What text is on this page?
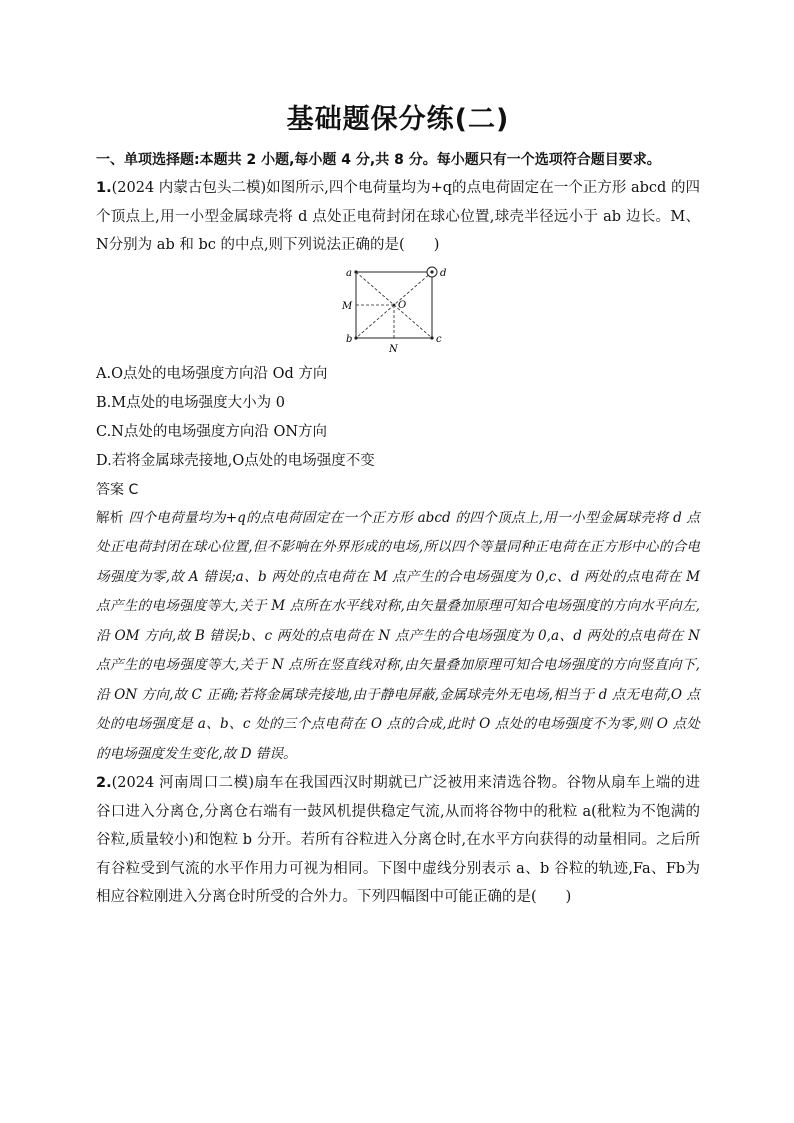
基础题保分练(二)

一、单项选择题:本题共 2 小题,每小题 4 分,共 8 分。每小题只有一个选项符合题目要求。

1.(2024 内蒙古包头二模)如图所示,四个电荷量均为+q的点电荷固定在一个正方形 abcd 的四个顶点上,用一小型金属球壳将 d 点处正电荷封闭在球心位置,球壳半径远小于 ab 边长。M、N分别为 ab 和 bc 的中点,则下列说法正确的是(　　)

a
b	c
d
M
N
O

A.O点处的电场强度方向沿 Od 方向

B.M点处的电场强度大小为 0

C.N点处的电场强度方向沿 ON方向

D.若将金属球壳接地,O点处的电场强度不变

答案 C

解析 四个电荷量均为+q的点电荷固定在一个正方形 abcd 的四个顶点上,用一小型金属球壳将 d 点处正电荷封闭在球心位置,但不影响在外界形成的电场,所以四个等量同种正电荷在正方形中心的合电场强度为零,故 A 错误;a、b 两处的点电荷在 M 点产生的合电场强度为 0,c、d 两处的点电荷在 M 点产生的电场强度等大,关于 M 点所在水平线对称,由矢量叠加原理可知合电场强度的方向水平向左,沿 OM 方向,故 B 错误;b、c 两处的点电荷在 N 点产生的合电场强度为 0,a、d 两处的点电荷在 N 点产生的电场强度等大,关于 N 点所在竖直线对称,由矢量叠加原理可知合电场强度的方向竖直向下,沿 ON 方向,故 C 正确;若将金属球壳接地,由于静电屏蔽,金属球壳外无电场,相当于 d 点无电荷,O 点处的电场强度是 a、b、c 处的三个点电荷在 O 点的合成,此时 O 点处的电场强度不为零,则 O 点处的电场强度发生变化,故 D 错误。

2.(2024 河南周口二模)扇车在我国西汉时期就已广泛被用来清选谷物。谷物从扇车上端的进谷口进入分离仓,分离仓右端有一鼓风机提供稳定气流,从而将谷物中的秕粒 a(秕粒为不饱满的谷粒,质量较小)和饱粒 b 分开。若所有谷粒进入分离仓时,在水平方向获得的动量相同。之后所有谷粒受到气流的水平作用力可视为相同。下图中虚线分别表示 a、b 谷粒的轨迹,Fa、Fb为相应谷粒刚进入分离仓时所受的合外力。下列四幅图中可能正确的是(　　)
